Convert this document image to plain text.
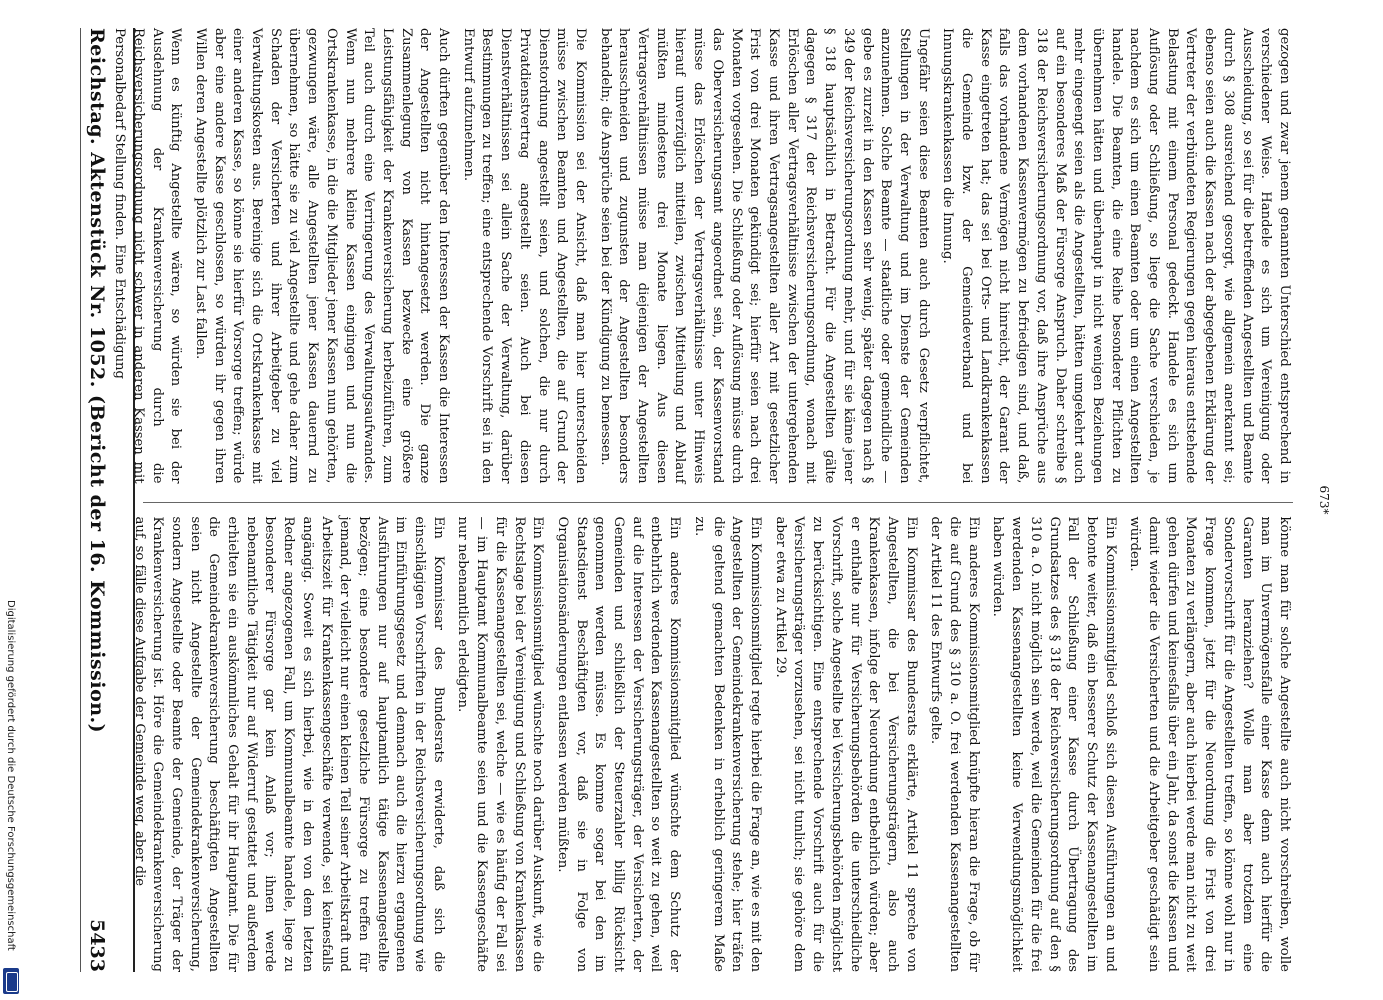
Reichstag. Aktenstück Nr. 1052. (Bericht der 16. Kommission.)
5433

gezogen und zwar jenem genannten Unterschied entsprechend in verschiedener Weise. Handele es sich um Vereinigung oder Ausscheidung, so sei für die betreffenden Angestellten und Beamte durch § 308 ausreichend gesorgt, wie allgemein anerkannt sei; ebenso seien auch die Kassen nach der abgegebenen Erklärung der Vertreter der verbündeten Regierungen gegen hieraus entstehende Belastung mit einem Personal gedeckt. Handele es sich um Auflösung oder Schließung, so liege die Sache verschieden, je nachdem es sich um einen Beamten oder um einen Angestellten handele. Die Beamten, die eine Reihe besonderer Pflichten zu übernehmen hätten und überhaupt in nicht wenigen Beziehungen mehr eingeengt seien als die Angestellten, hätten umgekehrt auch auf ein besonderes Maß der Fürsorge Anspruch. Daher schreibe § 318 der Reichsversicherungsordnung vor, daß ihre Ansprüche aus dem vorhandenen Kassenvermögen zu befriedigen sind, und daß, falls das vorhandene Vermögen nicht hinreicht, der Garant der Kasse eingetreten hat; das sei bei Orts- und Landkrankenkassen die Gemeinde bzw. der Gemeindeverband und bei Innungskrankenkassen die Innung.

Ungefähr seien diese Beamten auch durch Gesetz verpflichtet, Stellungen in der Verwaltung und im Dienste der Gemeinden anzunehmen. Solche Beamte — staatliche oder gemeindliche — gebe es zurzeit in den Kassen sehr wenig, später dagegen nach § 349 der Reichsversicherungsordnung mehr, und für sie käme jener § 318 hauptsächlich in Betracht. Für die Angestellten gälte dagegen § 317 der Reichsversicherungsordnung, wonach mit Erlöschen aller Vertragsverhältnisse zwischen der untergehenden Kasse und ihren Vertragsangestellten aller Art mit gesetzlicher Frist von drei Monaten gekündigt sei; hierfür seien nach drei Monaten vorgesehen. Die Schließung oder Auflösung müsse durch das Oberversicherungsamt angeordnet sein, der Kassenvorstand müsse das Erlöschen der Vertragsverhältnisse unter Hinweis hierauf unverzüglich mitteilen, zwischen Mitteilung und Ablauf müßten mindestens drei Monate liegen. Aus diesen Vertragsverhältnissen müsse man diejenigen der Angestellten herausschneiden und zugunsten der Angestellten besonders behandeln; die Ansprüche seien bei der Kündigung zu bemessen.

Die Kommission sei der Ansicht, daß man hier unterscheiden müsse zwischen Beamten und Angestellten, die auf Grund der Dienstordnung angestellt seien, und solchen, die nur durch Privatdienstvertrag angestellt seien. Auch bei diesen Dienstverhältnissen sei allein Sache der Verwaltung, darüber Bestimmungen zu treffen; eine entsprechende Vorschrift sei in den Entwurf aufzunehmen.

Auch dürften gegenüber den Interessen der Kassen die Interessen der Angestellten nicht hintangesetzt werden. Die ganze Zusammenlegung von Kassen bezwecke eine größere Leistungsfähigkeit der Krankenversicherung herbeizuführen, zum Teil auch durch eine Verringerung des Verwaltungsaufwandes. Wenn nun mehrere kleine Kassen eingingen und nun die Ortskrankenkasse, in die die Mitglieder jener Kassen nun gehörten, gezwungen wäre, alle Angestellten jener Kassen dauernd zu übernehmen, so hätte sie zu viel Angestellte und gehe daher zum Schaden der Versicherten und ihrer Arbeitgeber zu viel Verwaltungskosten aus. Bereinige sich die Ortskrankenkasse mit einer anderen Kasse, so könne sie hierfür Vorsorge treffen; würde aber eine andere Kasse geschlossen, so würden ihr gegen ihren Willen deren Angestellte plötzlich zur Last fallen.

Wenn es künftig Angestellte wären, so würden sie bei der Ausdehnung der Krankenversicherung durch die Reichsversicherungsordnung nicht schwer in anderen Kassen mit Personalbedarf Stellung finden. Eine Entschädigung

könne man für solche Angestellte auch nicht vorschreiben, wolle man im Unvermögensfalle einer Kasse denn auch hierfür die Garanten heranziehen? Wolle man aber trotzdem eine Sondervorschrift für die Angestellten treffen, so könne wohl nur in Frage kommen, jetzt für die Neuordnung die Frist von drei Monaten zu verlängern, aber auch hierbei werde man nicht zu weit gehen dürfen und keinesfalls über ein Jahr, da sonst die Kassen und damit wieder die Versicherten und die Arbeitgeber geschädigt sein würden.

Ein Kommissionsmitglied schloß sich diesen Ausführungen an und betonte weiter, daß ein besserer Schutz der Kassenangestellten im Fall der Schließung einer Kasse durch Übertragung des Grundsatzes des § 318 der Reichsversicherungsordnung auf den § 310 a. O. nicht möglich sein werde, weil die Gemeinden für die frei werdenden Kassenangestellten keine Verwendungsmöglichkeit haben würden.

Ein anderes Kommissionsmitglied knüpfte hieran die Frage, ob für die auf Grund des § 310 a. O. frei werdenden Kassenangestellten der Artikel 11 des Entwurfs gelte.

Ein Kommissar des Bundesrats erklärte, Artikel 11 spreche von Angestellten, die bei Versicherungsträgern, also auch Krankenkassen, infolge der Neuordnung entbehrlich würden; aber er enthalte nur für Versicherungsbehörden die unterschiedliche Vorschrift, solche Angestellte bei Versicherungsbehörden möglichst zu berücksichtigen. Eine entsprechende Vorschrift auch für die Versicherungsträger vorzusehen, sei nicht tunlich; sie gehöre dem aber etwa zu Artikel 29.

Ein Kommissionsmitglied regte hierbei die Frage an, wie es mit den Angestellten der Gemeindekrankenversicherung stehe; hier träfen die geltend gemachten Bedenken in erheblich geringerem Maße zu.

Ein anderes Kommissionsmitglied wünschte dem Schutz der entbehrlich werdenden Kassenangestellten so weit zu gehen, weil auf die Interessen der Versicherungsträger, der Versicherten, der Gemeinden und schließlich der Steuerzahler billig Rücksicht genommen werden müsse. Es komme sogar bei den im Staatsdienst Beschäftigten vor, daß sie in Folge von Organisationsänderungen entlassen werden müßten.

Ein Kommissionsmitglied wünschte noch darüber Auskunft, wie die Rechtslage bei der Vereinigung und Schließung von Krankenkassen für die Kassenangestellten sei, welche — wie es häufig der Fall sei — im Hauptamt Kommunalbeamte seien und die Kassengeschäfte nur nebenamtlich erledigten.

Ein Kommissar des Bundesrats erwiderte, daß sich die einschlägigen Vorschriften in der Reichsversicherungsordnung wie im Einführungsgesetz und demnach auch die hierzu ergangenen Ausführungen nur auf hauptamtlich tätige Kassenangestellte bezögen; eine besondere gesetzliche Fürsorge zu treffen für jemand, der vielleicht nur einen kleinen Teil seiner Arbeitskraft und Arbeitszeit für Krankenkassengeschäfte verwende, sei keinesfalls angängig. Soweit es sich hierbei, wie in den von dem letzten Redner angezogenen Fall, um Kommunalbeamte handele, liege zu besonderer Fürsorge gar kein Anlaß vor; ihnen werde nebenamtliche Tätigkeit nur auf Widerruf gestattet und außerdem erhielten sie ein auskömmliches Gehalt für ihr Hauptamt. Die für die Gemeindekrankenversicherung beschäftigten Angestellten seien nicht Angestellte der Gemeindekrankenversicherung, sondern Angestellte oder Beamte der Gemeinde, der Träger der Krankenversicherung ist. Höre die Gemeindekrankenversicherung auf, so fälle diese Aufgabe der Gemeinde weg, aber die

673*
Digitalisierung gefördert durch die Deutsche Forschungsgemeinschaft
